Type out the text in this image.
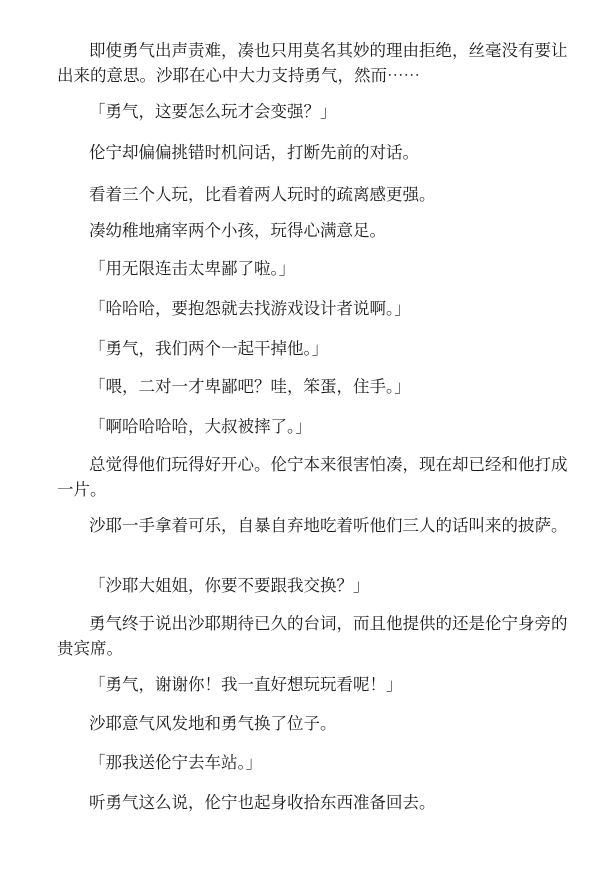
即使勇气出声责难，凑也只用莫名其妙的理由拒绝，丝毫没有要让出来的意思。沙耶在心中大力支持勇气，然而⋯⋯

「勇气，这要怎么玩才会变强？」

伦宁却偏偏挑错时机问话，打断先前的对话。

看着三个人玩，比看着两人玩时的疏离感更强。

凑幼稚地痛宰两个小孩，玩得心满意足。

「用无限连击太卑鄙了啦。」

「哈哈哈，要抱怨就去找游戏设计者说啊。」

「勇气，我们两个一起干掉他。」

「喂，二对一才卑鄙吧？哇，笨蛋，住手。」

「啊哈哈哈哈，大叔被摔了。」

总觉得他们玩得好开心。伦宁本来很害怕凑，现在却已经和他打成一片。

沙耶一手拿着可乐，自暴自弃地吃着听他们三人的话叫来的披萨。

「沙耶大姐姐，你要不要跟我交换？」

勇气终于说出沙耶期待已久的台词，而且他提供的还是伦宁身旁的贵宾席。

「勇气，谢谢你！我一直好想玩玩看呢！」

沙耶意气风发地和勇气换了位子。

「那我送伦宁去车站。」

听勇气这么说，伦宁也起身收拾东西准备回去。
